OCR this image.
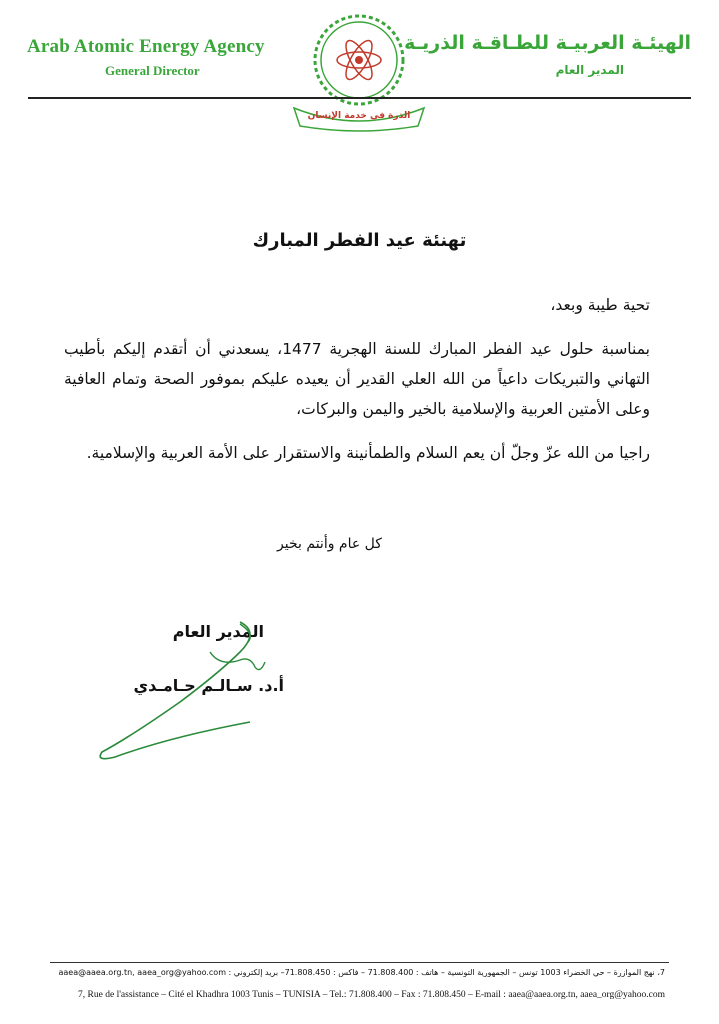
Arab Atomic Energy Agency
General Director
الهيئـة العربيـة للطـاقـة الذريـة
المدير العام
الذرة في خدمة الإنسان
تهنئة عيد الفطر المبارك

تحية طيبة وبعد،

بمناسبة حلول عيد الفطر المبارك للسنة الهجرية 1477، يسعدني أن أتقدم إليكم بأطيب التهاني والتبريكات داعياً من الله العلي القدير أن يعيده عليكم بموفور الصحة وتمام العافية وعلى الأمتين العربية والإسلامية بالخير واليمن والبركات،

راجيا من الله عزّ وجلّ أن يعم السلام والطمأنينة والاستقرار على الأمة العربية والإسلامية.

كل عام وأنتم بخير
المدير العام
أ.د. سـالـم حـامـدي
7، نهج الموازرة – حي الخضراء 1003 تونس – الجمهورية التونسية – هاتف : 71.808.400 – فاكس : 71.808.450– بريد إلكتروني : aaea@aaea.org.tn, aaea_org@yahoo.com
7, Rue de l'assistance – Cité el Khadhra 1003 Tunis – TUNISIA – Tel.: 71.808.400 – Fax : 71.808.450 – E-mail : aaea@aaea.org.tn, aaea_org@yahoo.com
